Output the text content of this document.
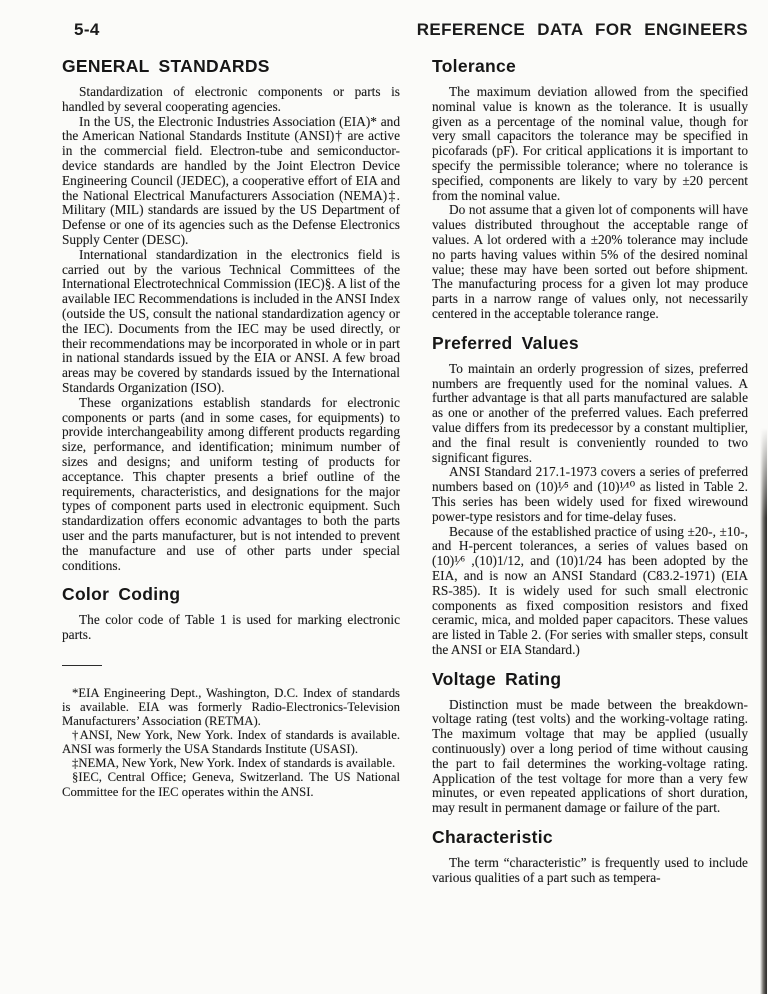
5-4	REFERENCE DATA FOR ENGINEERS
GENERAL STANDARDS

Standardization of electronic components or parts is handled by several cooperating agencies.

In the US, the Electronic Industries Association (EIA)* and the American National Standards Institute (ANSI)† are active in the commercial field. Electron-tube and semiconductor-device standards are handled by the Joint Electron Device Engineering Council (JEDEC), a cooperative effort of EIA and the National Electrical Manufacturers Association (NEMA)‡. Military (MIL) standards are issued by the US Department of Defense or one of its agencies such as the Defense Electronics Supply Center (DESC).

International standardization in the electronics field is carried out by the various Technical Committees of the International Electrotechnical Commission (IEC)§. A list of the available IEC Recommendations is included in the ANSI Index (outside the US, consult the national standardization agency or the IEC). Documents from the IEC may be used directly, or their recommendations may be incorporated in whole or in part in national standards issued by the EIA or ANSI. A few broad areas may be covered by standards issued by the International Standards Organization (ISO).

These organizations establish standards for electronic components or parts (and in some cases, for equipments) to provide interchangeability among different products regarding size, performance, and identification; minimum number of sizes and designs; and uniform testing of products for acceptance. This chapter presents a brief outline of the requirements, characteristics, and designations for the major types of component parts used in electronic equipment. Such standardization offers economic advantages to both the parts user and the parts manufacturer, but is not intended to prevent the manufacture and use of other parts under special conditions.

Color Coding

The color code of Table 1 is used for marking electronic parts.

*EIA Engineering Dept., Washington, D.C. Index of standards is available. EIA was formerly Radio-Electronics-Television Manufacturers’ Association (RETMA).

†ANSI, New York, New York. Index of standards is available. ANSI was formerly the USA Standards Institute (USASI).

‡NEMA, New York, New York. Index of standards is available.

§IEC, Central Office; Geneva, Switzerland. The US National Committee for the IEC operates within the ANSI.

Tolerance

The maximum deviation allowed from the specified nominal value is known as the tolerance. It is usually given as a percentage of the nominal value, though for very small capacitors the tolerance may be specified in picofarads (pF). For critical applications it is important to specify the permissible tolerance; where no tolerance is specified, components are likely to vary by ±20 percent from the nominal value.

Do not assume that a given lot of components will have values distributed throughout the acceptable range of values. A lot ordered with a ±20% tolerance may include no parts having values within 5% of the desired nominal value; these may have been sorted out before shipment. The manufacturing process for a given lot may produce parts in a narrow range of values only, not necessarily centered in the acceptable tolerance range.

Preferred Values

To maintain an orderly progression of sizes, preferred numbers are frequently used for the nominal values. A further advantage is that all parts manufactured are salable as one or another of the preferred values. Each preferred value differs from its predecessor by a constant multiplier, and the final result is conveniently rounded to two significant figures.

ANSI Standard 217.1-1973 covers a series of preferred numbers based on (10)¹⁄⁵ and (10)¹⁄¹⁰ as listed in Table 2. This series has been widely used for fixed wirewound power-type resistors and for time-delay fuses.

Because of the established practice of using ±20-, ±10-, and H-percent tolerances, a series of values based on (10)¹⁄⁶ ,(10)1/12, and (10)1/24 has been adopted by the EIA, and is now an ANSI Standard (C83.2-1971) (EIA RS-385). It is widely used for such small electronic components as fixed composition resistors and fixed ceramic, mica, and molded paper capacitors. These values are listed in Table 2. (For series with smaller steps, consult the ANSI or EIA Standard.)

Voltage Rating

Distinction must be made between the breakdown-voltage rating (test volts) and the working-voltage rating. The maximum voltage that may be applied (usually continuously) over a long period of time without causing the part to fail determines the working-voltage rating. Application of the test voltage for more than a very few minutes, or even repeated applications of short duration, may result in permanent damage or failure of the part.

Characteristic

The term “characteristic” is frequently used to include various qualities of a part such as tempera-
